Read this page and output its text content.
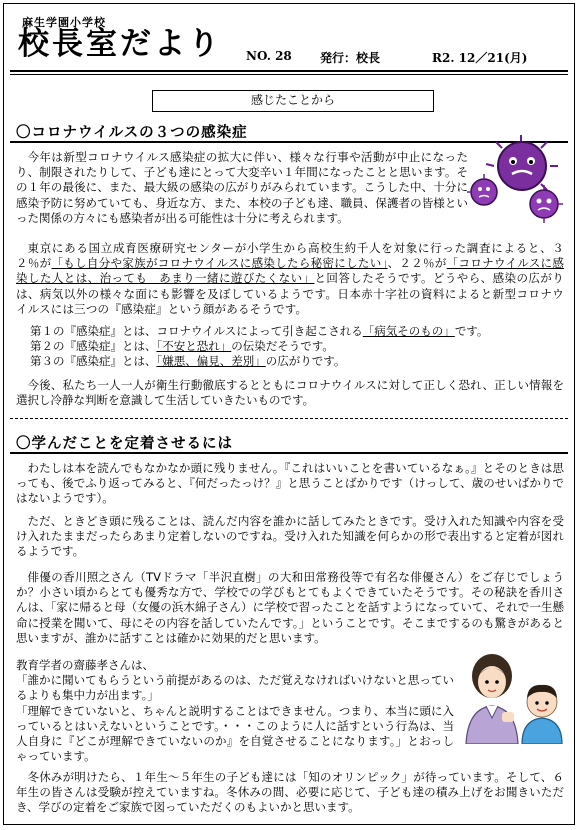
麻生学園小学校
校長室だより NO. 28 発行：校長	R2. 12／21(月)
感じたことから
〇コロナウイルスの３つの感染症

今年は新型コロナウイルス感染症の拡大に伴い、様々な行事や活動が中止になったり、制限されたりして、子ども達にとって大変辛い１年間になったことと思います。その１年の最後に、また、最大級の感染の広がりがみられています。こうした中、十分に感染予防に努めていても、身近な方、また、本校の子ども達、職員、保護者の皆様といった関係の方々にも感染者が出る可能性は十分に考えられます。

東京にある国立成育医療研究センターが小学生から高校生約千人を対象に行った調査によると、３２％が「もし自分や家族がコロナウイルスに感染したら秘密にしたい」、２２％が「コロナウイルスに感染した人とは、治っても　あまり一緒に遊びたくない」と回答したそうです。どうやら、感染の広がりは、病気以外の様々な面にも影響を及ぼしているようです。日本赤十字社の資料によると新型コロナウイルスには三つの『感染症』という顔があるそうです。

第１の『感染症』とは、コロナウイルスによって引き起こされる「病気そのもの」です。

第２の『感染症』とは、「不安と恐れ」の伝染だそうです。

第３の『感染症』とは、「嫌悪、偏見、差別」の広がりです。

今後、私たち一人一人が衛生行動徹底するとともにコロナウイルスに対して正しく恐れ、正しい情報を選択し冷静な判断を意識して生活していきたいものです。

〇学んだことを定着させるには

わたしは本を読んでもなかなか頭に残りません。『これはいいことを書いているなぁ。』とそのときは思っても、後でふり返ってみると、『何だったっけ？』と思うことばかりです（けっして、歳のせいばかりではないようです）。

ただ、ときどき頭に残ることは、読んだ内容を誰かに話してみたときです。受け入れた知識や内容を受け入れたままだったらあまり定着しないのですね。受け入れた知識を何らかの形で表出すると定着が図れるようです。

俳優の香川照之さん（TVドラマ「半沢直樹」の大和田常務役等で有名な俳優さん）をご存じでしょうか？小さい頃からとても優秀な方で、学校での学びもとてもよくできていたそうです。その秘訣を香川さんは、「家に帰ると母（女優の浜木綿子さん）に学校で習ったことを話すようになっていて、それで一生懸命に授業を聞いて、母にその内容を話していたんです。」ということです。そこまでするのも驚きがあると思いますが、誰かに話すことは確かに効果的だと思います。

教育学者の齋藤孝さんは、
「誰かに聞いてもらうという前提があるのは、ただ覚えなければいけないと思っているよりも集中力が出ます。」
「理解できていないと、ちゃんと説明することはできません。つまり、本当に頭に入っているとはいえないということです。・・・このように人に話すという行為は、当人自身に『どこが理解できていないのか』を自覚させることになります。」とおっしゃっています。

冬休みが明けたら、１年生～５年生の子ども達には「知のオリンピック」が待っています。そして、６年生の皆さんは受験が控えていますね。冬休みの間、必要に応じて、子ども達の積み上げをお聞きいただき、学びの定着をご家族で図っていただくのもよいかと思います。
